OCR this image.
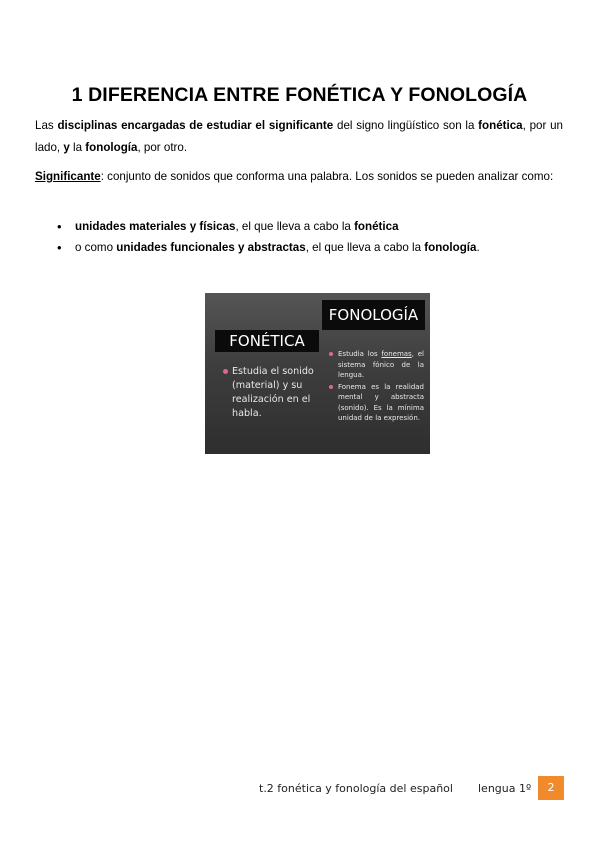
1 DIFERENCIA ENTRE FONÉTICA Y FONOLOGÍA
Las disciplinas encargadas de estudiar el significante del signo lingüístico son la fonética, por un lado, y la fonología, por otro.
Significante: conjunto de sonidos que conforma una palabra. Los sonidos se pueden analizar como:
• unidades materiales y físicas, el que lleva a cabo la fonética
• o como unidades funcionales y abstractas, el que lleva a cabo la fonología.
FONOLOGÍA
FONÉTICA
Estudia el sonido (material) y su realización en el habla.
Estudia los fonemas, el sistema fónico de la lengua.
Fonema es la realidad mental y abstracta (sonido). Es la mínima unidad de la expresión.
t.2 fonética y fonología del español lengua 1º	2
